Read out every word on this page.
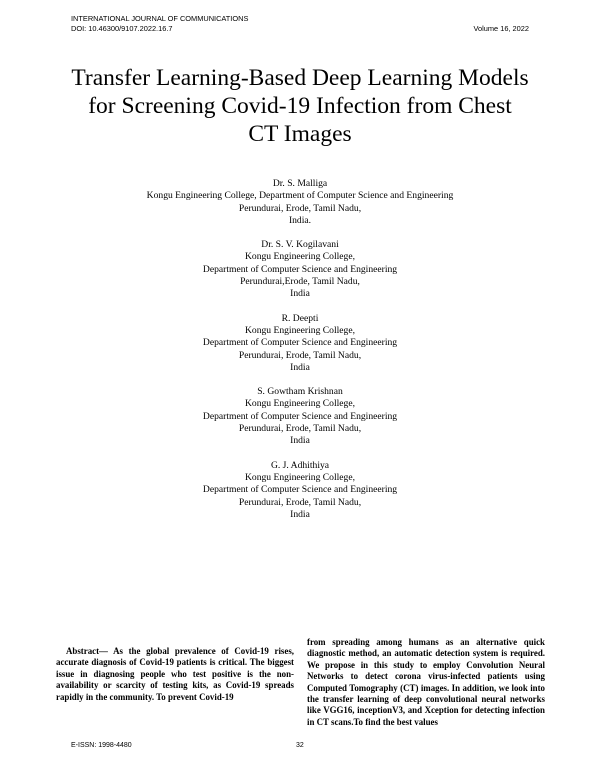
INTERNATIONAL JOURNAL OF COMMUNICATIONS
DOI: 10.46300/9107.2022.16.7	Volume 16, 2022
Transfer Learning-Based Deep Learning Models
for Screening Covid-19 Infection from Chest
CT Images
Dr. S. Malliga
Kongu Engineering College, Department of Computer Science and Engineering
Perundurai, Erode, Tamil Nadu,
India.
Dr. S. V. Kogilavani
Kongu Engineering College,
Department of Computer Science and Engineering
Perundurai,Erode, Tamil Nadu,
India
R. Deepti
Kongu Engineering College,
Department of Computer Science and Engineering
Perundurai, Erode, Tamil Nadu,
India
S. Gowtham Krishnan
Kongu Engineering College,
Department of Computer Science and Engineering
Perundurai, Erode, Tamil Nadu,
India
G. J. Adhithiya
Kongu Engineering College,
Department of Computer Science and Engineering
Perundurai, Erode, Tamil Nadu,
India

Abstract— As the global prevalence of Covid-19 rises, accurate diagnosis of Covid-19 patients is critical. The biggest issue in diagnosing people who test positive is the non-availability or scarcity of testing kits, as Covid-19 spreads rapidly in the community. To prevent Covid-19

from spreading among humans as an alternative quick diagnostic method, an automatic detection system is required. We propose in this study to employ Convolution Neural Networks to detect corona virus-infected patients using Computed Tomography (CT) images. In addition, we look into the transfer learning of deep convolutional neural networks like VGG16, inceptionV3, and Xception for detecting infection in CT scans.To find the best values

E-ISSN: 1998-4480	32
